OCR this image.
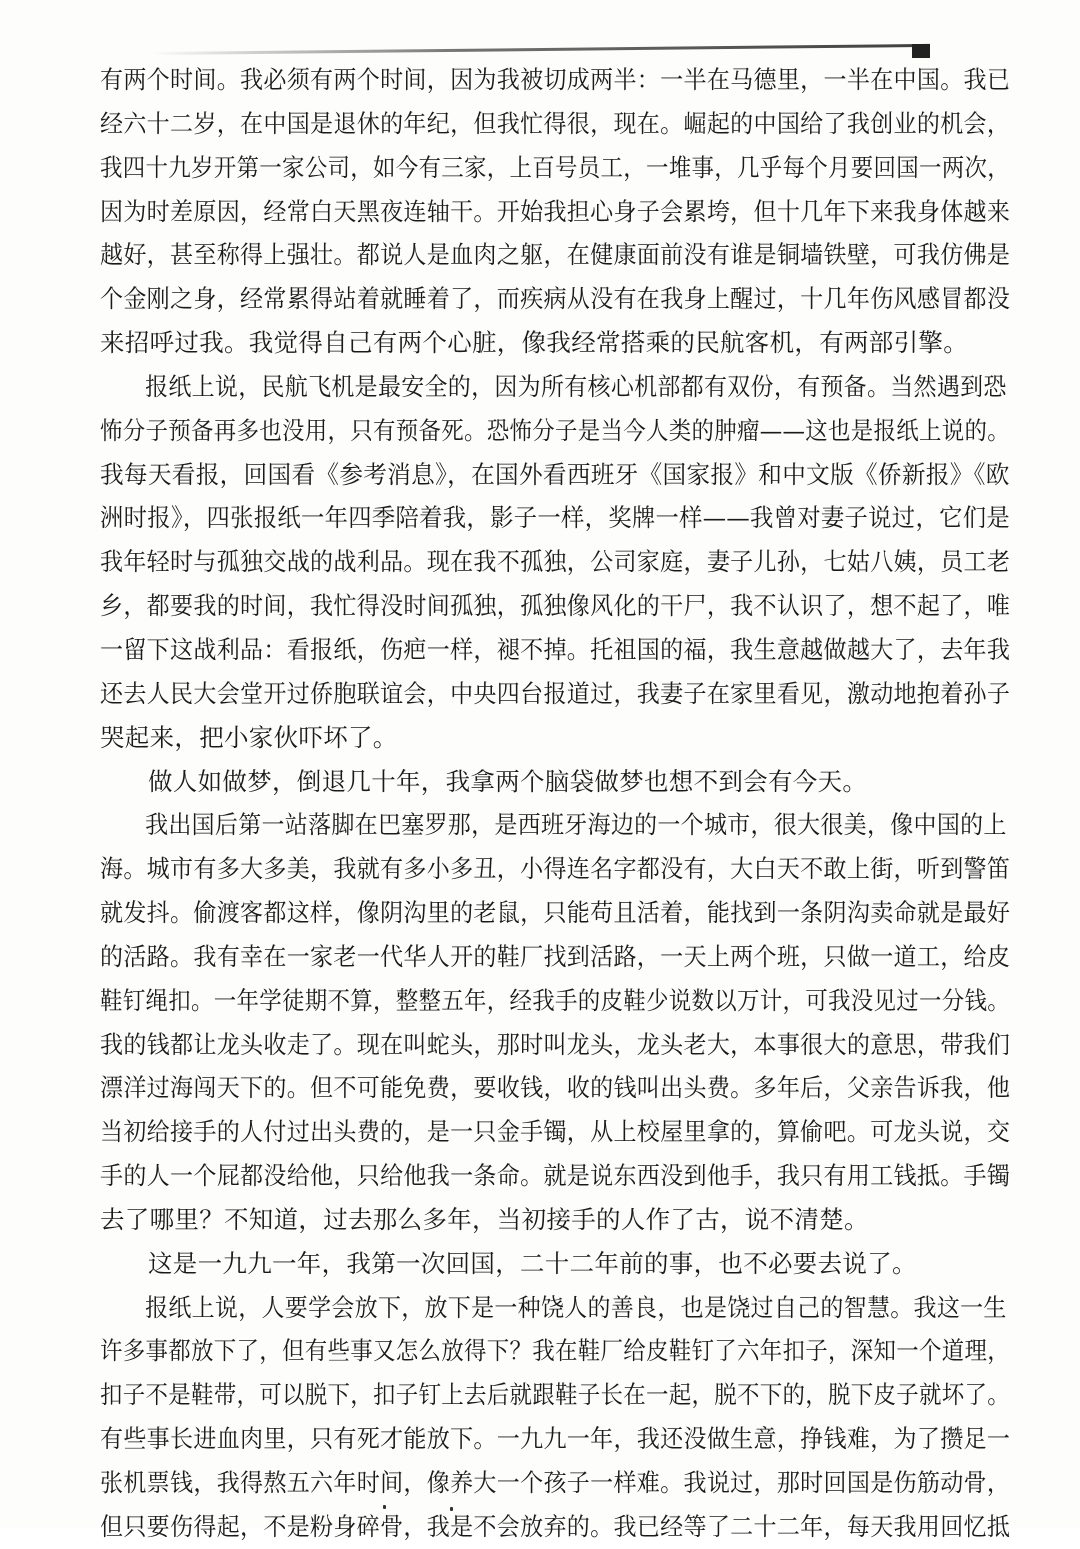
有两个时间。我必须有两个时间，因为我被切成两半：一半在马德里，一半在中国。我已
经六十二岁，在中国是退休的年纪，但我忙得很，现在。崛起的中国给了我创业的机会，
我四十九岁开第一家公司，如今有三家，上百号员工，一堆事，几乎每个月要回国一两次，
因为时差原因，经常白天黑夜连轴干。开始我担心身子会累垮，但十几年下来我身体越来
越好，甚至称得上强壮。都说人是血肉之躯，在健康面前没有谁是铜墙铁壁，可我仿佛是
个金刚之身，经常累得站着就睡着了，而疾病从没有在我身上醒过，十几年伤风感冒都没
来招呼过我。我觉得自己有两个心脏，像我经常搭乘的民航客机，有两部引擎。
报纸上说，民航飞机是最安全的，因为所有核心机部都有双份，有预备。当然遇到恐
怖分子预备再多也没用，只有预备死。恐怖分子是当今人类的肿瘤——这也是报纸上说的。
我每天看报，回国看《参考消息》，在国外看西班牙《国家报》和中文版《侨新报》《欧
洲时报》，四张报纸一年四季陪着我，影子一样，奖牌一样——我曾对妻子说过，它们是
我年轻时与孤独交战的战利品。现在我不孤独，公司家庭，妻子儿孙，七姑八姨，员工老
乡，都要我的时间，我忙得没时间孤独，孤独像风化的干尸，我不认识了，想不起了，唯
一留下这战利品：看报纸，伤疤一样，褪不掉。托祖国的福，我生意越做越大了，去年我
还去人民大会堂开过侨胞联谊会，中央四台报道过，我妻子在家里看见，激动地抱着孙子
哭起来，把小家伙吓坏了。
做人如做梦，倒退几十年，我拿两个脑袋做梦也想不到会有今天。
我出国后第一站落脚在巴塞罗那，是西班牙海边的一个城市，很大很美，像中国的上
海。城市有多大多美，我就有多小多丑，小得连名字都没有，大白天不敢上街，听到警笛
就发抖。偷渡客都这样，像阴沟里的老鼠，只能苟且活着，能找到一条阴沟卖命就是最好
的活路。我有幸在一家老一代华人开的鞋厂找到活路，一天上两个班，只做一道工，给皮
鞋钉绳扣。一年学徒期不算，整整五年，经我手的皮鞋少说数以万计，可我没见过一分钱。
我的钱都让龙头收走了。现在叫蛇头，那时叫龙头，龙头老大，本事很大的意思，带我们
漂洋过海闯天下的。但不可能免费，要收钱，收的钱叫出头费。多年后，父亲告诉我，他
当初给接手的人付过出头费的，是一只金手镯，从上校屋里拿的，算偷吧。可龙头说，交
手的人一个屁都没给他，只给他我一条命。就是说东西没到他手，我只有用工钱抵。手镯
去了哪里？不知道，过去那么多年，当初接手的人作了古，说不清楚。
这是一九九一年，我第一次回国，二十二年前的事，也不必要去说了。
报纸上说，人要学会放下，放下是一种饶人的善良，也是饶过自己的智慧。我这一生
许多事都放下了，但有些事又怎么放得下？我在鞋厂给皮鞋钉了六年扣子，深知一个道理，
扣子不是鞋带，可以脱下，扣子钉上去后就跟鞋子长在一起，脱不下的，脱下皮子就坏了。
有些事长进血肉里，只有死才能放下。一九九一年，我还没做生意，挣钱难，为了攒足一
张机票钱，我得熬五六年时间，像养大一个孩子一样难。我说过，那时回国是伤筋动骨，
但只要伤得起，不是粉身碎骨，我是不会放弃的。我已经等了二十二年，每天我用回忆抵
